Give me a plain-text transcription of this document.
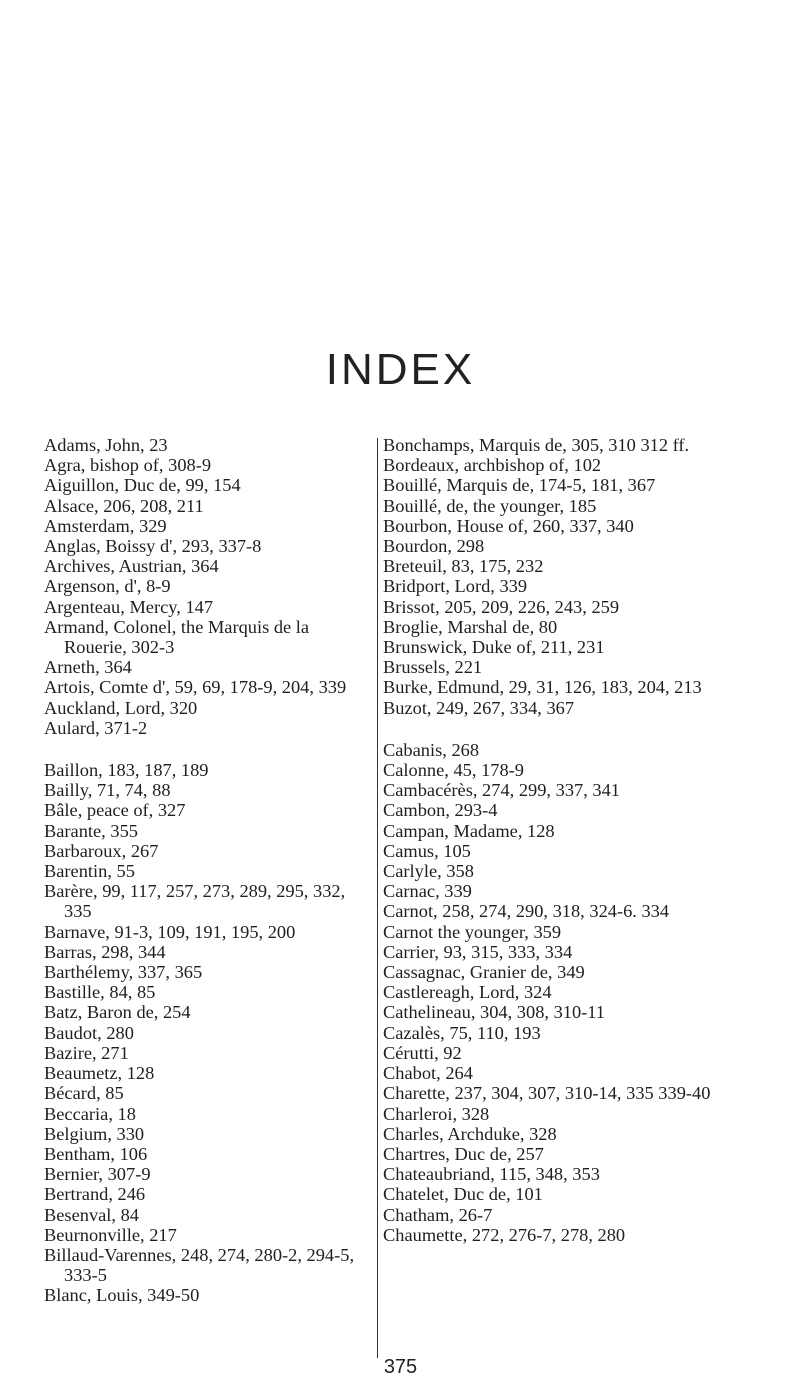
INDEX
Adams, John, 23
Agra, bishop of, 308-9
Aiguillon, Duc de, 99, 154
Alsace, 206, 208, 211
Amsterdam, 329
Anglas, Boissy d', 293, 337-8
Archives, Austrian, 364
Argenson, d', 8-9
Argenteau, Mercy, 147
Armand, Colonel, the Marquis de la Rouerie, 302-3
Arneth, 364
Artois, Comte d', 59, 69, 178-9, 204, 339
Auckland, Lord, 320
Aulard, 371-2
Baillon, 183, 187, 189
Bailly, 71, 74, 88
Bâle, peace of, 327
Barante, 355
Barbaroux, 267
Barentin, 55
Barère, 99, 117, 257, 273, 289, 295, 332, 335
Barnave, 91-3, 109, 191, 195, 200
Barras, 298, 344
Barthélemy, 337, 365
Bastille, 84, 85
Batz, Baron de, 254
Baudot, 280
Bazire, 271
Beaumetz, 128
Bécard, 85
Beccaria, 18
Belgium, 330
Bentham, 106
Bernier, 307-9
Bertrand, 246
Besenval, 84
Beurnonville, 217
Billaud-Varennes, 248, 274, 280-2, 294-5, 333-5
Blanc, Louis, 349-50
Bonchamps, Marquis de, 305, 310 312 ff.
Bordeaux, archbishop of, 102
Bouillé, Marquis de, 174-5, 181, 367
Bouillé, de, the younger, 185
Bourbon, House of, 260, 337, 340
Bourdon, 298
Breteuil, 83, 175, 232
Bridport, Lord, 339
Brissot, 205, 209, 226, 243, 259
Broglie, Marshal de, 80
Brunswick, Duke of, 211, 231
Brussels, 221
Burke, Edmund, 29, 31, 126, 183, 204, 213
Buzot, 249, 267, 334, 367
Cabanis, 268
Calonne, 45, 178-9
Cambacérès, 274, 299, 337, 341
Cambon, 293-4
Campan, Madame, 128
Camus, 105
Carlyle, 358
Carnac, 339
Carnot, 258, 274, 290, 318, 324-6. 334
Carnot the younger, 359
Carrier, 93, 315, 333, 334
Cassagnac, Granier de, 349
Castlereagh, Lord, 324
Cathelineau, 304, 308, 310-11
Cazalès, 75, 110, 193
Cérutti, 92
Chabot, 264
Charette, 237, 304, 307, 310-14, 335 339-40
Charleroi, 328
Charles, Archduke, 328
Chartres, Duc de, 257
Chateaubriand, 115, 348, 353
Chatelet, Duc de, 101
Chatham, 26-7
Chaumette, 272, 276-7, 278, 280
375
